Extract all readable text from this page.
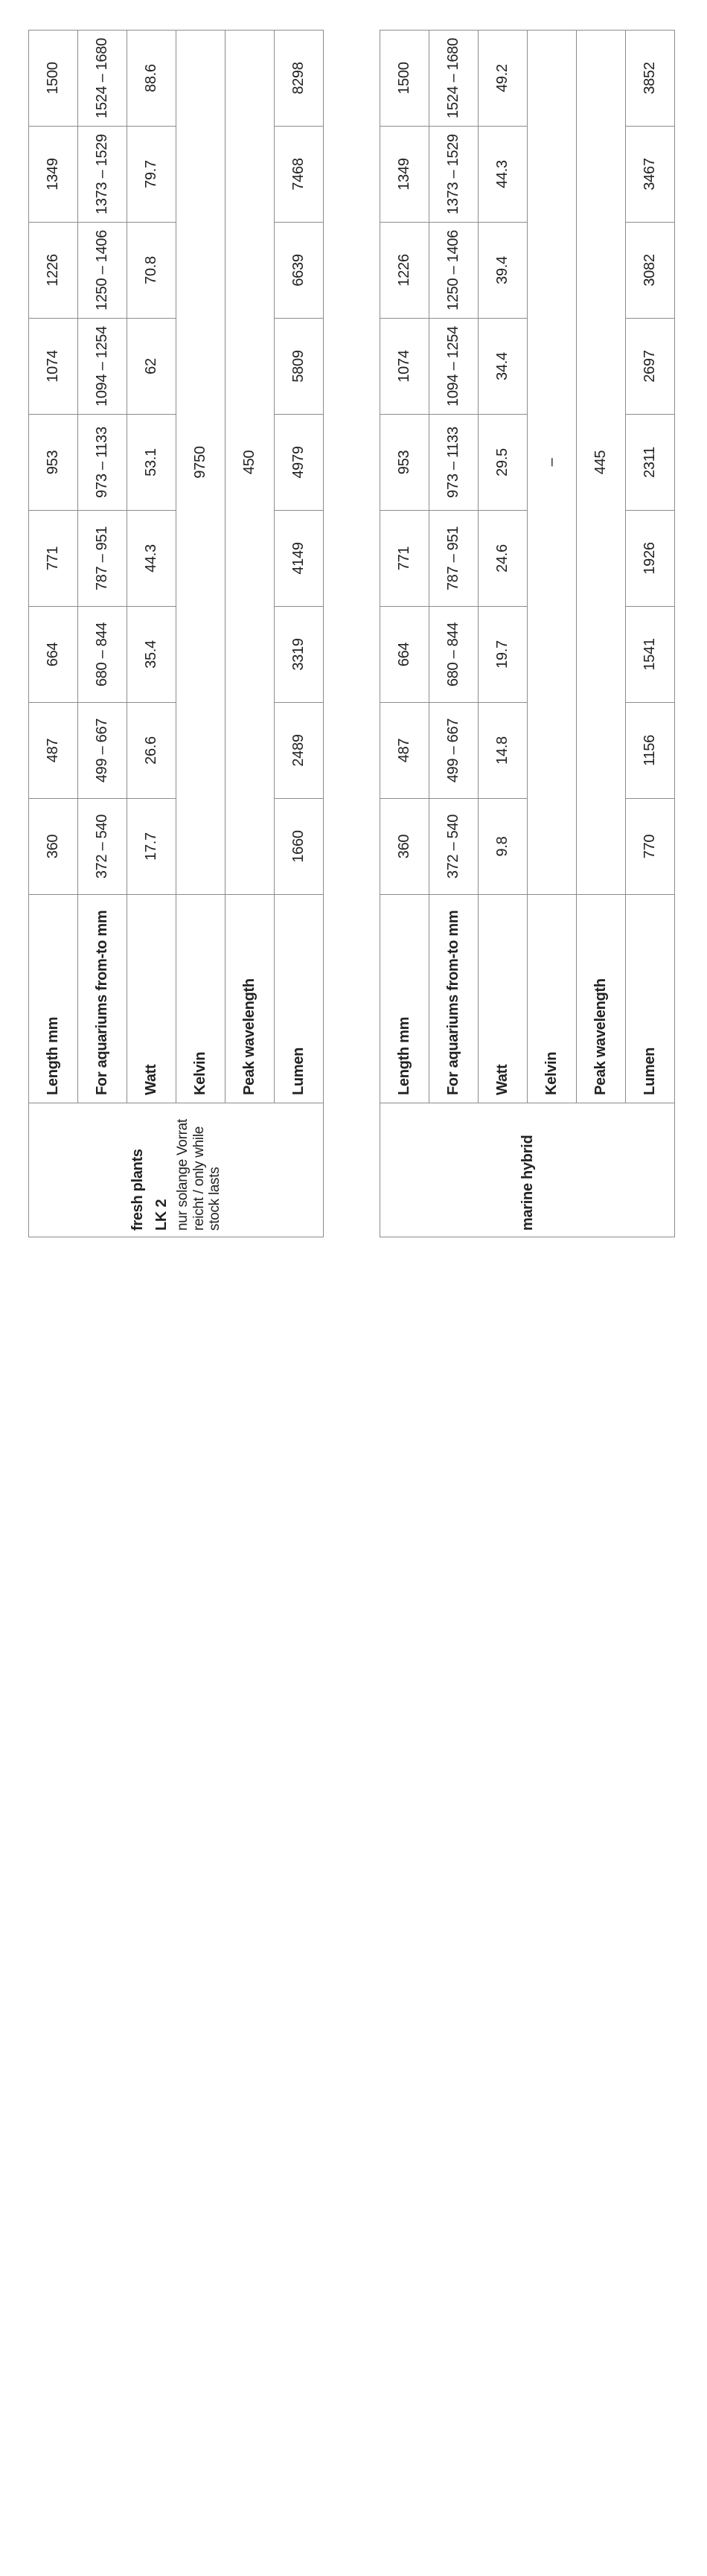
fresh plants LK 2 nur solange Vorrat reicht / only while stock lasts	Length mm	360	487	664	771	953	1074	1226	1349	1500
	For aquariums from-to mm	372 – 540	499 – 667	680 – 844	787 – 951	973 – 1133	1094 – 1254	1250 – 1406	1373 – 1529	1524 – 1680
	Watt	17.7	26.6	35.4	44.3	53.1	62	70.8	79.7	88.6
	Kelvin	9750								
	Peak wavelength	450								
	Lumen	1660	2489	3319	4149	4979	5809	6639	7468	8298
marine hybrid	Length mm	360	487	664	771	953	1074	1226	1349	1500
	For aquariums from-to mm	372 – 540	499 – 667	680 – 844	787 – 951	973 – 1133	1094 – 1254	1250 – 1406	1373 – 1529	1524 – 1680
	Watt	9.8	14.8	19.7	24.6	29.5	34.4	39.4	44.3	49.2
	Kelvin	–								
	Peak wavelength	445								
	Lumen	770	1156	1541	1926	2311	2697	3082	3467	3852
